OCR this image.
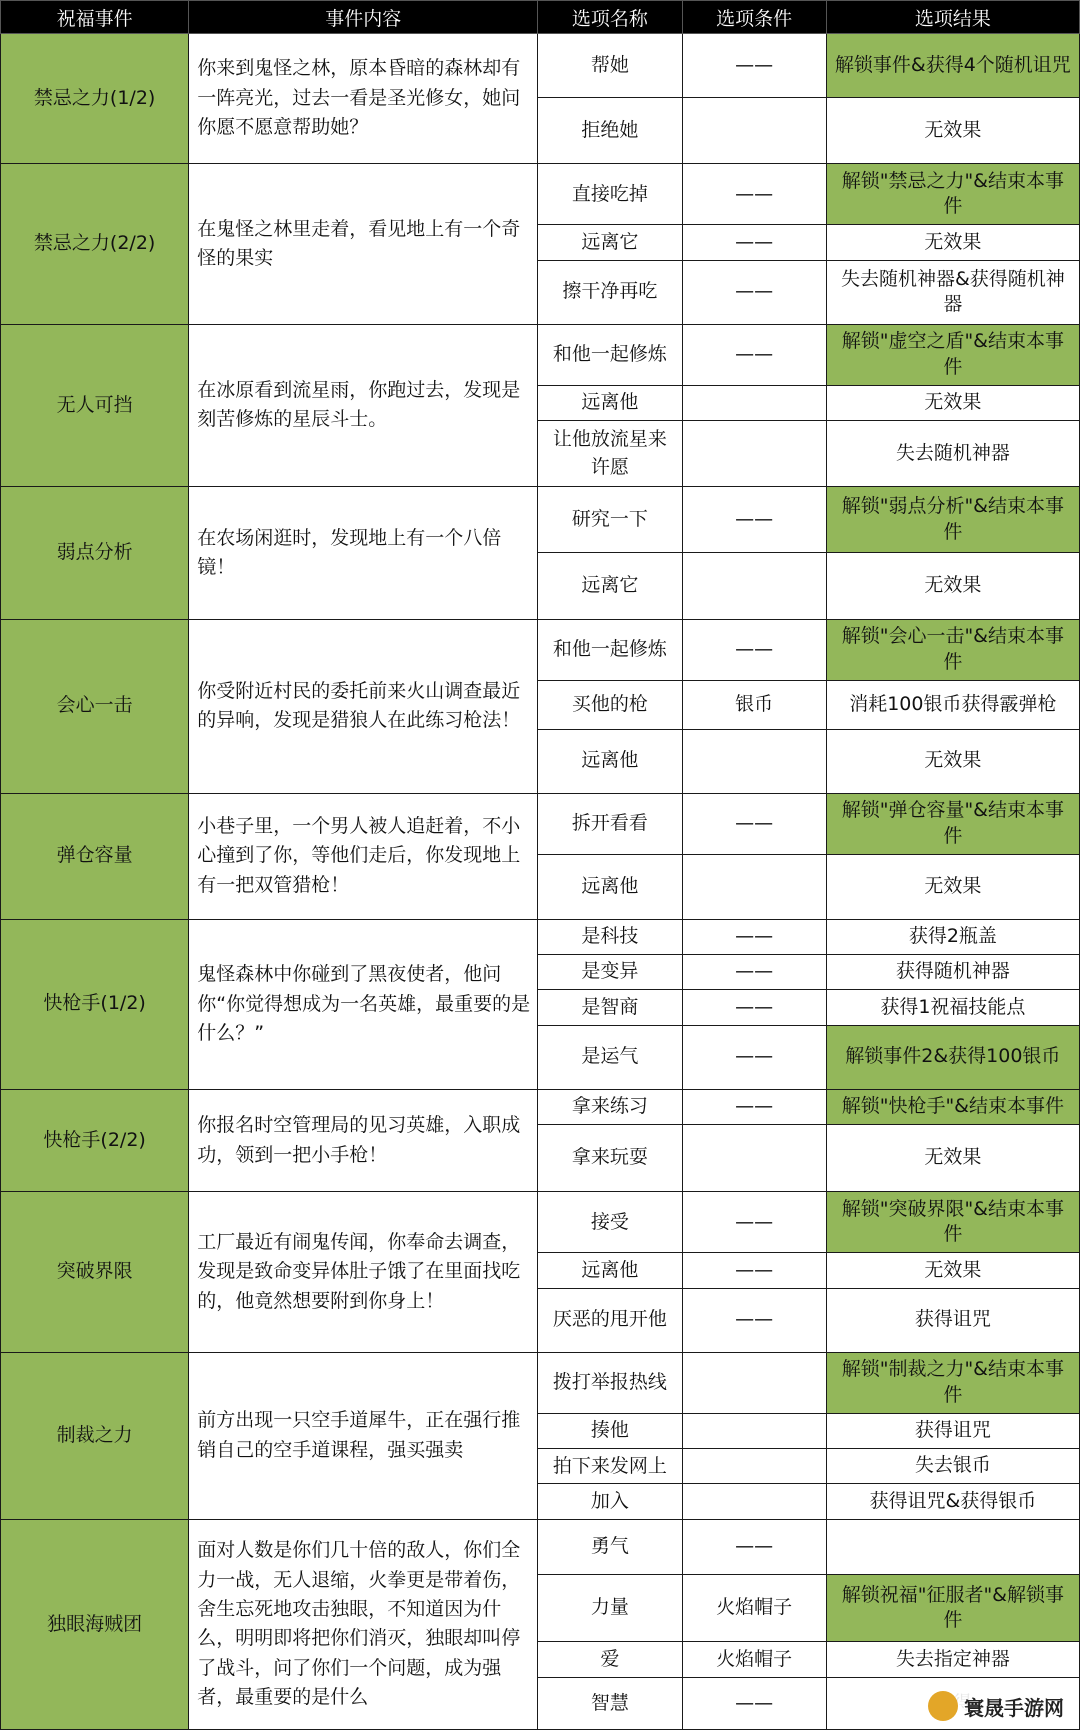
祝福事件	事件内容	选项名称	选项条件	选项结果
禁忌之力(1/2)	你来到鬼怪之林，原本昏暗的森林却有一阵亮光，过去一看是圣光修女，她问你愿不愿意帮助她？	帮她	——	解锁事件&获得4个随机诅咒
		拒绝她		无效果
禁忌之力(2/2)	在鬼怪之林里走着，看见地上有一个奇怪的果实	直接吃掉	——	解锁"禁忌之力"&结束本事件
		远离它	——	无效果
		擦干净再吃	——	失去随机神器&获得随机神器
无人可挡	在冰原看到流星雨，你跑过去，发现是刻苦修炼的星辰斗士。	和他一起修炼	——	解锁"虚空之盾"&结束本事件
		远离他		无效果
		让他放流星来许愿		失去随机神器
弱点分析	在农场闲逛时，发现地上有一个八倍镜！	研究一下	——	解锁"弱点分析"&结束本事件
		远离它		无效果
会心一击	你受附近村民的委托前来火山调查最近的异响，发现是猎狼人在此练习枪法！	和他一起修炼	——	解锁"会心一击"&结束本事件
		买他的枪	银币	消耗100银币获得霰弹枪
		远离他		无效果
弹仓容量	小巷子里，一个男人被人追赶着，不小心撞到了你，等他们走后，你发现地上有一把双管猎枪！	拆开看看	——	解锁"弹仓容量"&结束本事件
		远离他		无效果
快枪手(1/2)	鬼怪森林中你碰到了黑夜使者，他问你“你觉得想成为一名英雄，最重要的是什么？”	是科技	——	获得2瓶盖
		是变异	——	获得随机神器
		是智商	——	获得1祝福技能点
		是运气	——	解锁事件2&获得100银币
快枪手(2/2)	你报名时空管理局的见习英雄，入职成功，领到一把小手枪！	拿来练习	——	解锁"快枪手"&结束本事件
		拿来玩耍		无效果
突破界限	工厂最近有闹鬼传闻，你奉命去调查，发现是致命变异体肚子饿了在里面找吃的，他竟然想要附到你身上！	接受	——	解锁"突破界限"&结束本事件
		远离他	——	无效果
		厌恶的甩开他	——	获得诅咒
制裁之力	前方出现一只空手道犀牛，正在强行推销自己的空手道课程，强买强卖	拨打举报热线		解锁"制裁之力"&结束本事件
		揍他		获得诅咒
		拍下来发网上		失去银币
		加入		获得诅咒&获得银币
独眼海贼团	面对人数是你们几十倍的敌人，你们全力一战，无人退缩，火拳更是带着伤，舍生忘死地攻击独眼，不知道因为什么，明明即将把你们消灭，独眼却叫停了战斗，问了你们一个问题，成为强者，最重要的是什么	勇气	——	
		力量	火焰帽子	解锁祝福"征服者"&解锁事件
		爱	火焰帽子	失去指定神器
		智慧	——		寰晟手游网
